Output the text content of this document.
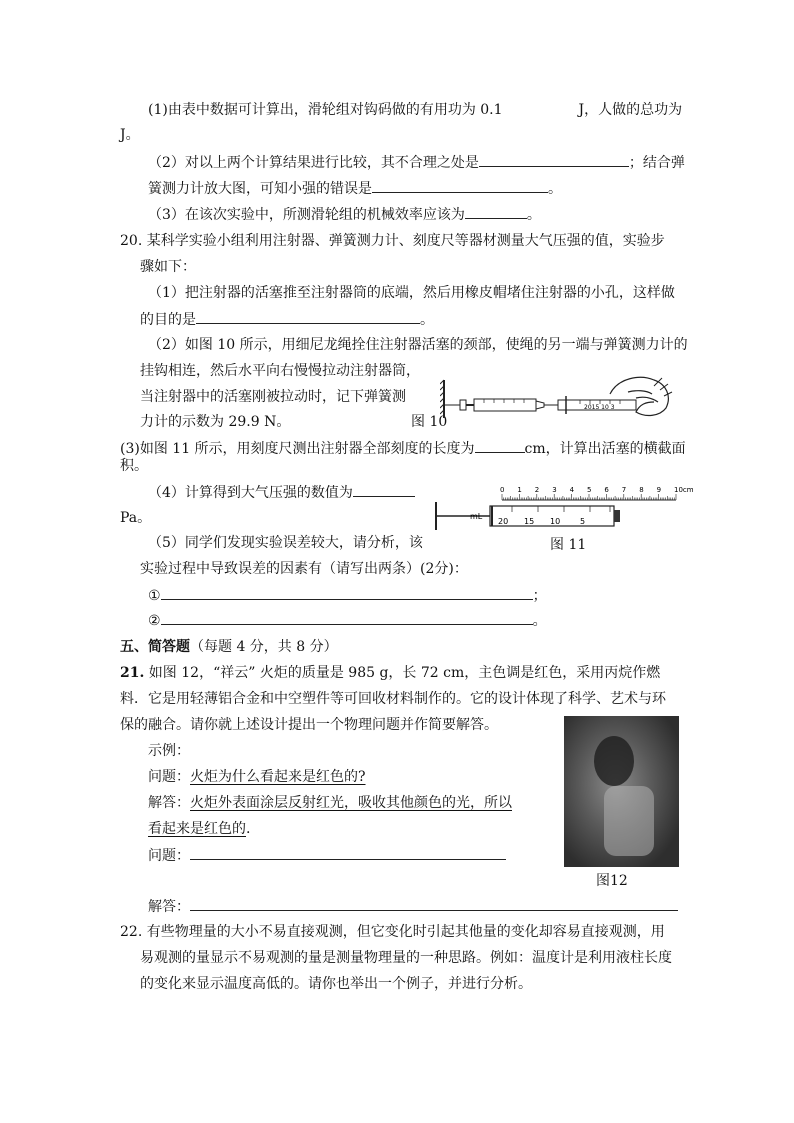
(1)由表中数据可计算出，滑轮组对钩码做的有用功为 0.1	J，人做的总功为
J。
（2）对以上两个计算结果进行比较，其不合理之处是	；结合弹
簧测力计放大图，可知小强的错误是	。
（3）在该次实验中，所测滑轮组的机械效率应该为	。
20. 某科学实验小组利用注射器、弹簧测力计、刻度尺等器材测量大气压强的值，实验步
骤如下：
（1）把注射器的活塞推至注射器筒的底端，然后用橡皮帽堵住注射器的小孔，这样做
的目的是	。
（2）如图 10 所示，用细尼龙绳拴住注射器活塞的颈部，使绳的另一端与弹簧测力计的
挂钩相连，然后水平向右慢慢拉动注射器筒，
当注射器中的活塞刚被拉动时，记下弹簧测
力计的示数为 29.9 N。	图 10
2015 10 3
(3)如图 11 所示，用刻度尺测出注射器全部刻度的长度为	cm，计算出活塞的横截面
积。
（4）计算得到大气压强的数值为
Pa。
0 1 2 3 4 5 6 7 8 9 10cm
mL
20 15 10 5
图 11
（5）同学们发现实验误差较大，请分析，该
实验过程中导致误差的因素有（请写出两条）(2分)：
①	；
②	。
五、简答题（每题 4 分，共 8 分）
21. 如图 12，“祥云” 火炬的质量是 985 g，长 72 cm，主色调是红色，采用丙烷作燃
料．它是用轻薄铝合金和中空塑件等可回收材料制作的。它的设计体现了科学、艺术与环
保的融合。请你就上述设计提出一个物理问题并作简要解答。
示例：
问题：火炬为什么看起来是红色的?
解答：火炬外表面涂层反射红光，吸收其他颜色的光，所以
看起来是红色的.
问题：
图12
解答：
22. 有些物理量的大小不易直接观测，但它变化时引起其他量的变化却容易直接观测，用
易观测的量显示不易观测的量是测量物理量的一种思路。例如：温度计是利用液柱长度
的变化来显示温度高低的。请你也举出一个例子，并进行分析。
